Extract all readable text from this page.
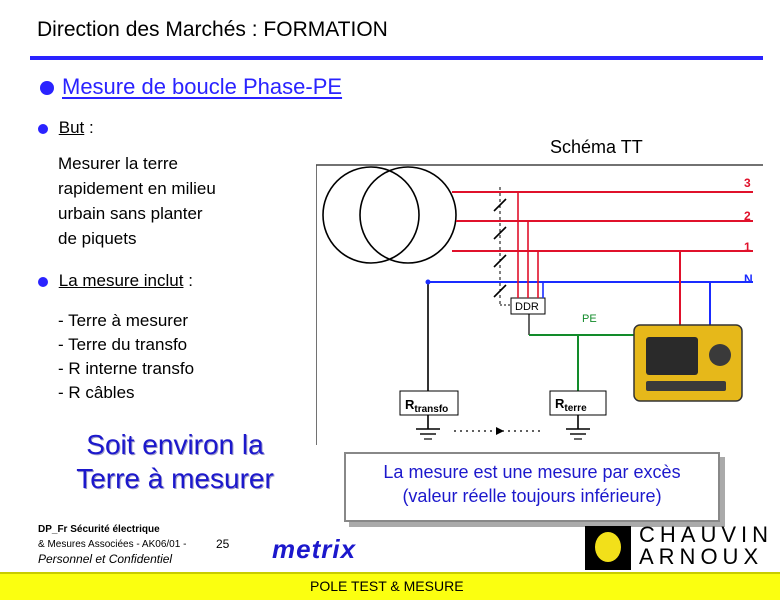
Direction des Marchés : FORMATION
Mesure de boucle Phase-PE
But :
Mesurer la terre
rapidement en milieu
urbain sans planter
de piquets
La mesure inclut :
- Terre à mesurer
- Terre du transfo
- R interne transfo
- R câbles
Soit environ la
Terre à mesurer
Schéma TT
3
2
1
N
DDR
$R_{transfo}$
PE
$R_{terre}$
La mesure est une mesure par excès
(valeur réelle toujours inférieure)
DP_Fr Sécurité électrique
& Mesures Associées - AK06/01 -
Personnel et Confidentiel
25 metrix	CHAUVIN
ARNOUX
POLE TEST & MESURE
